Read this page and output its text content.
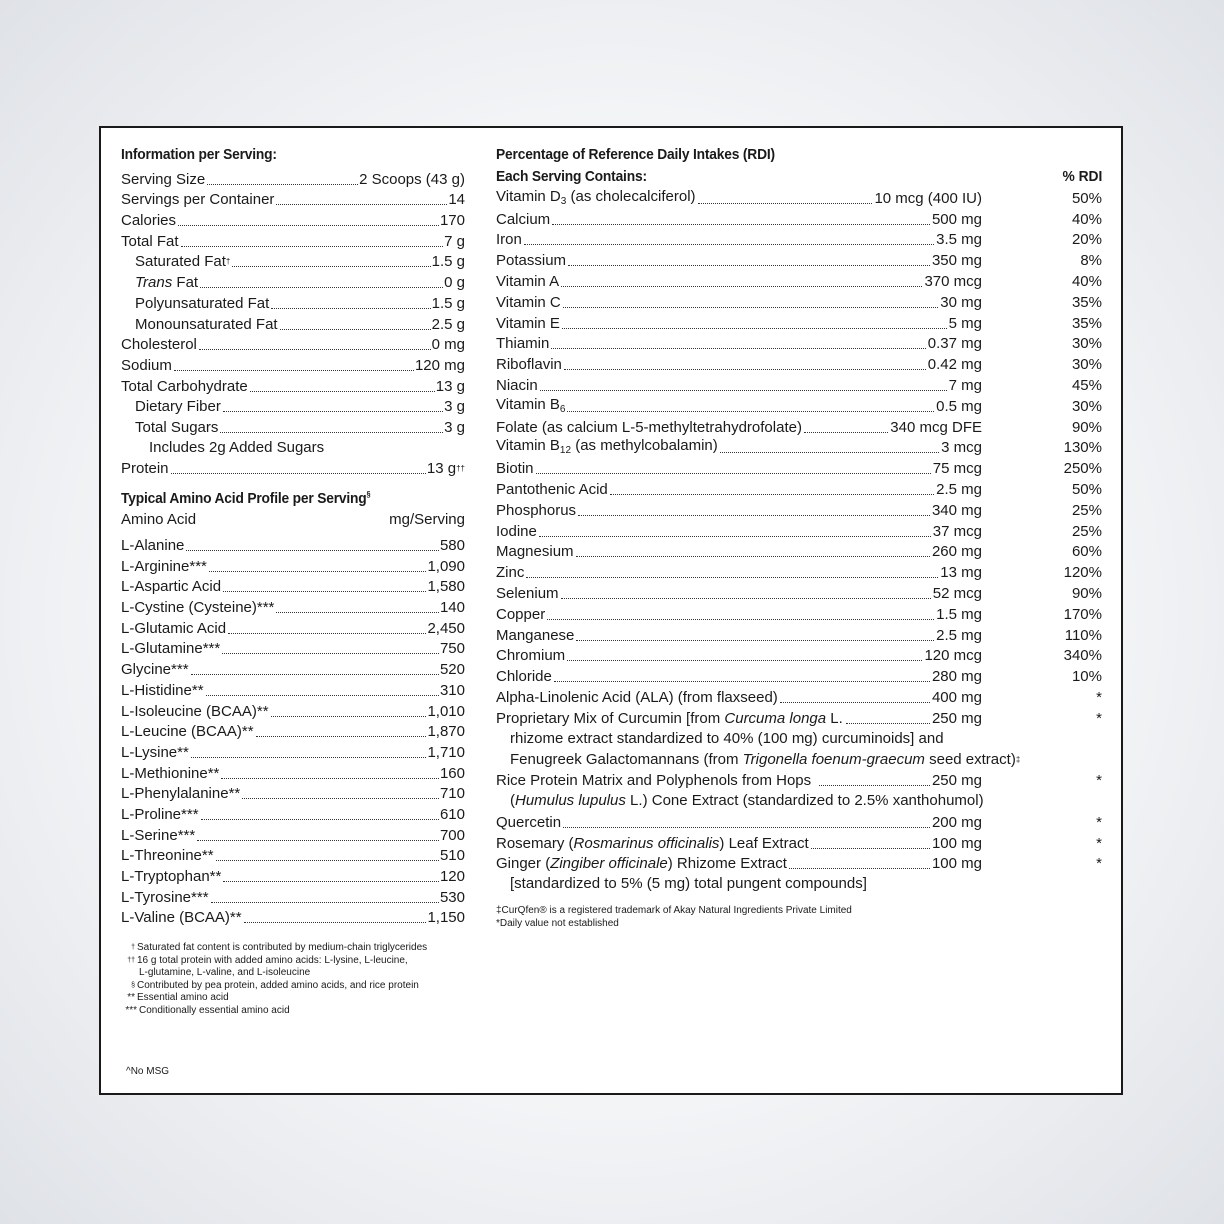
Information per Serving:
Serving Size	2 Scoops (43 g)
Servings per Container	14
Calories	170
Total Fat	7 g
Saturated Fat†	1.5 g
Trans Fat	0 g
Polyunsaturated Fat	1.5 g
Monounsaturated Fat	2.5 g
Cholesterol	0 mg
Sodium	120 mg
Total Carbohydrate	13 g
Dietary Fiber	3 g
Total Sugars	3 g
Includes 2g Added Sugars
Protein	13 g††
Typical Amino Acid Profile per Serving§
Amino Acid	mg/Serving
L-Alanine	580
L-Arginine***	1,090
L-Aspartic Acid	1,580
L-Cystine (Cysteine)***	140
L-Glutamic Acid	2,450
L-Glutamine***	750
Glycine***	520
L-Histidine**	310
L-Isoleucine (BCAA)**	1,010
L-Leucine (BCAA)**	1,870
L-Lysine**	1,710
L-Methionine**	160
L-Phenylalanine**	710
L-Proline***	610
L-Serine***	700
L-Threonine**	510
L-Tryptophan**	120
L-Tyrosine***	530
L-Valine (BCAA)**	1,150
† Saturated fat content is contributed by medium-chain triglycerides
†† 16 g total protein with added amino acids: L-lysine, L-leucine,
L-glutamine, L-valine, and L-isoleucine
§ Contributed by pea protein, added amino acids, and rice protein
** Essential amino acid
*** Conditionally essential amino acid
^No MSG
Percentage of Reference Daily Intakes (RDI)
Each Serving Contains:	% RDI
Vitamin $D_3$ (as cholecalciferol)	10 mcg (400 IU)	50%
Calcium	500 mg	40%
Iron	3.5 mg	20%
Potassium	350 mg	8%
Vitamin A	370 mcg	40%
Vitamin C	30 mg	35%
Vitamin E	5 mg	35%
Thiamin	0.37 mg	30%
Riboflavin	0.42 mg	30%
Niacin	7 mg	45%
Vitamin $B_6$	0.5 mg	30%
Folate (as calcium L-5-methyltetrahydrofolate)	340 mcg DFE	90%
Vitamin $B_{12}$ (as methylcobalamin)	3 mcg	130%
Biotin	75 mcg	250%
Pantothenic Acid	2.5 mg	50%
Phosphorus	340 mg	25%
Iodine	37 mcg	25%
Magnesium	260 mg	60%
Zinc	13 mg	120%
Selenium	52 mcg	90%
Copper	1.5 mg	170%
Manganese	2.5 mg	110%
Chromium	120 mcg	340%
Chloride	280 mg	10%
Alpha-Linolenic Acid (ALA) (from flaxseed)	400 mg	*
Proprietary Mix of Curcumin [from Curcuma longa L.	250 mg	*
rhizome extract standardized to 40% (100 mg) curcuminoids] and
Fenugreek Galactomannans (from Trigonella foenum-graecum seed extract)‡
Rice Protein Matrix and Polyphenols from Hops	250 mg	*
(Humulus lupulus L.) Cone Extract (standardized to 2.5% xanthohumol)
Quercetin	200 mg	*
Rosemary (Rosmarinus officinalis) Leaf Extract	100 mg	*
Ginger (Zingiber officinale) Rhizome Extract	100 mg	*
[standardized to 5% (5 mg) total pungent compounds]
‡CurQfen® is a registered trademark of Akay Natural Ingredients Private Limited
*Daily value not established
